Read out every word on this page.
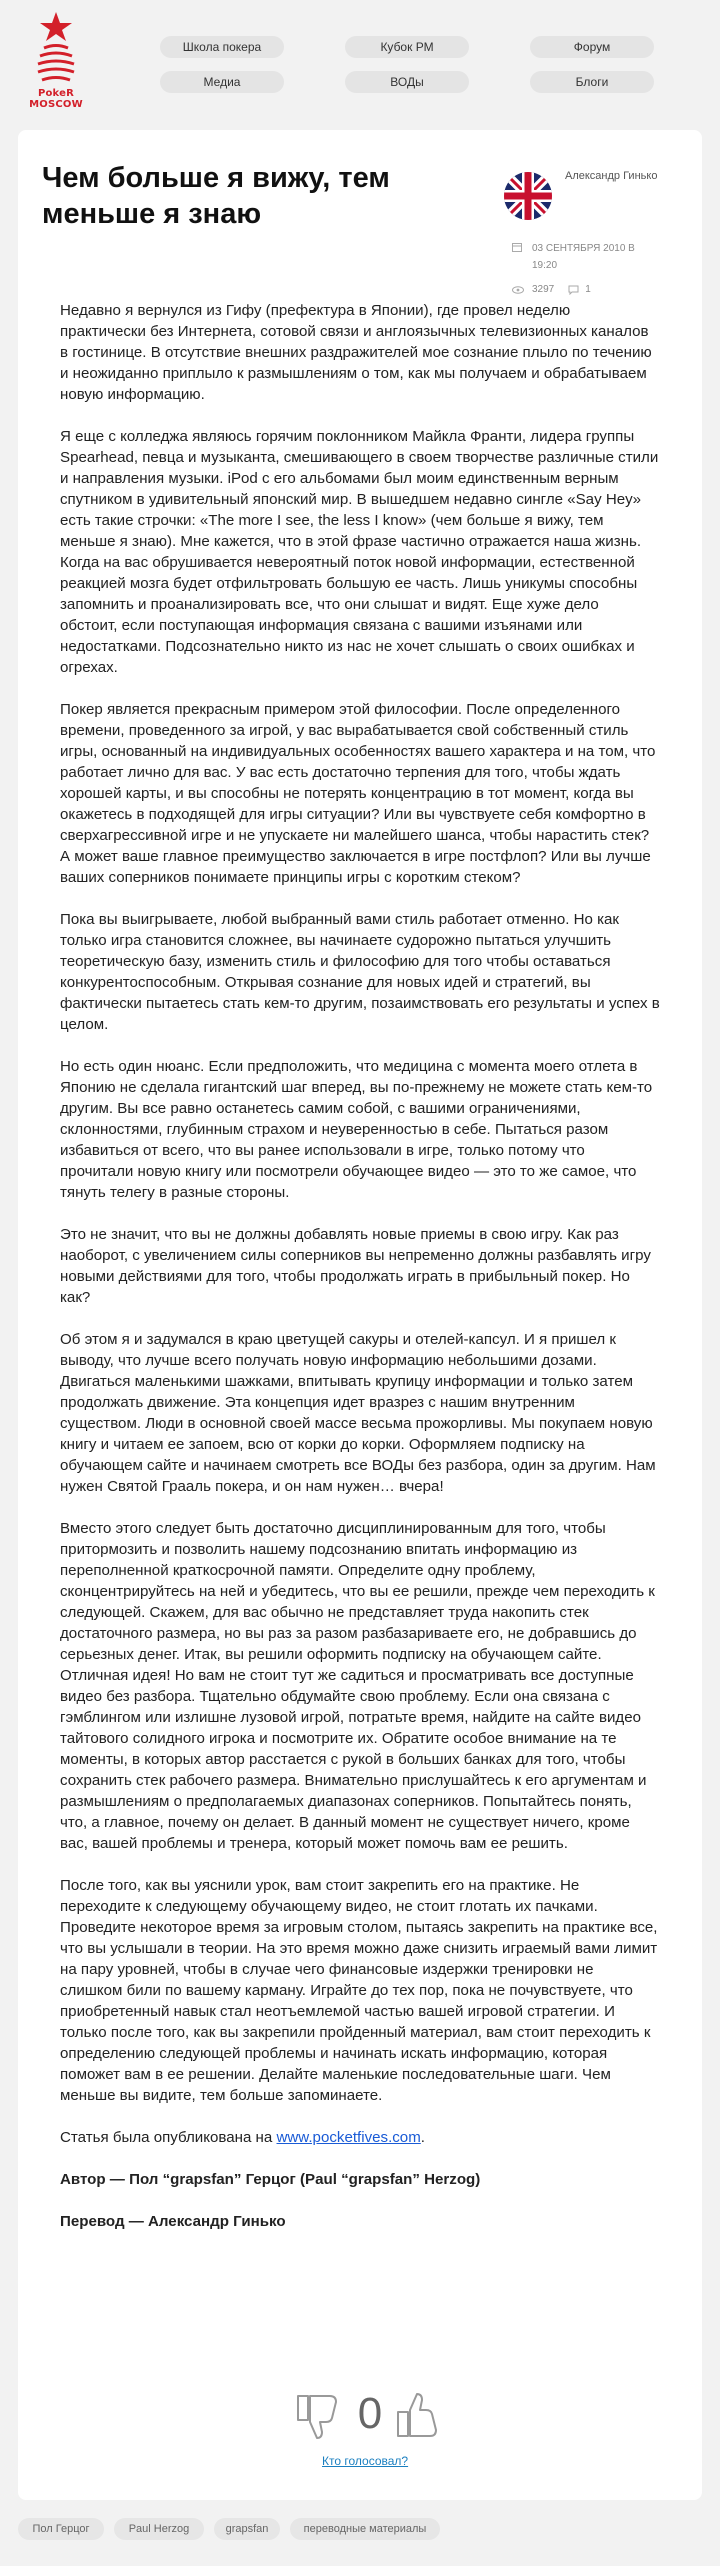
PokeR
MOSCOW
Школа покера	Кубок РМ	Форум
Медиа	ВОДы	Блоги
Чем больше я вижу, тем меньше я знаю
Александр Гинько
03 СЕНТЯБРЯ 2010 В 19:20
3297	1

Недавно я вернулся из Гифу (префектура в Японии), где провел неделю практически без Интернета, сотовой связи и англоязычных телевизионных каналов в гостинице. В отсутствие внешних раздражителей мое сознание плыло по течению и неожиданно приплыло к размышлениям о том, как мы получаем и обрабатываем новую информацию.

Я еще с колледжа являюсь горячим поклонником Майкла Франти, лидера группы Spearhead, певца и музыканта, смешивающего в своем творчестве различные стили и направления музыки. iPod с его альбомами был моим единственным верным спутником в удивительный японский мир. В вышедшем недавно сингле «Say Hey» есть такие строчки: «The more I see, the less I know» (чем больше я вижу, тем меньше я знаю). Мне кажется, что в этой фразе частично отражается наша жизнь. Когда на вас обрушивается невероятный поток новой информации, естественной реакцией мозга будет отфильтровать большую ее часть. Лишь уникумы способны запомнить и проанализировать все, что они слышат и видят. Еще хуже дело обстоит, если поступающая информация связана с вашими изъянами или недостатками. Подсознательно никто из нас не хочет слышать о своих ошибках и огрехах.

Покер является прекрасным примером этой философии. После определенного времени, проведенного за игрой, у вас вырабатывается свой собственный стиль игры, основанный на индивидуальных особенностях вашего характера и на том, что работает лично для вас. У вас есть достаточно терпения для того, чтобы ждать хорошей карты, и вы способны не потерять концентрацию в тот момент, когда вы окажетесь в подходящей для игры ситуации? Или вы чувствуете себя комфортно в сверхагрессивной игре и не упускаете ни малейшего шанса, чтобы нарастить стек? А может ваше главное преимущество заключается в игре постфлоп? Или вы лучше ваших соперников понимаете принципы игры с коротким стеком?

Пока вы выигрываете, любой выбранный вами стиль работает отменно. Но как только игра становится сложнее, вы начинаете судорожно пытаться улучшить теоретическую базу, изменить стиль и философию для того чтобы оставаться конкурентоспособным. Открывая сознание для новых идей и стратегий, вы фактически пытаетесь стать кем-то другим, позаимствовать его результаты и успех в целом.

Но есть один нюанс. Если предположить, что медицина с момента моего отлета в Японию не сделала гигантский шаг вперед, вы по-прежнему не можете стать кем-то другим. Вы все равно останетесь самим собой, с вашими ограничениями, склонностями, глубинным страхом и неуверенностью в себе. Пытаться разом избавиться от всего, что вы ранее использовали в игре, только потому что прочитали новую книгу или посмотрели обучающее видео — это то же самое, что тянуть телегу в разные стороны.

Это не значит, что вы не должны добавлять новые приемы в свою игру. Как раз наоборот, с увеличением силы соперников вы непременно должны разбавлять игру новыми действиями для того, чтобы продолжать играть в прибыльный покер. Но как?

Об этом я и задумался в краю цветущей сакуры и отелей-капсул. И я пришел к выводу, что лучше всего получать новую информацию небольшими дозами. Двигаться маленькими шажками, впитывать крупицу информации и только затем продолжать движение. Эта концепция идет вразрез с нашим внутренним существом. Люди в основной своей массе весьма прожорливы. Мы покупаем новую книгу и читаем ее запоем, всю от корки до корки. Оформляем подписку на обучающем сайте и начинаем смотреть все ВОДы без разбора, один за другим. Нам нужен Святой Грааль покера, и он нам нужен… вчера!

Вместо этого следует быть достаточно дисциплинированным для того, чтобы притормозить и позволить нашему подсознанию впитать информацию из переполненной краткосрочной памяти. Определите одну проблему, сконцентрируйтесь на ней и убедитесь, что вы ее решили, прежде чем переходить к следующей. Скажем, для вас обычно не представляет труда накопить стек достаточного размера, но вы раз за разом разбазариваете его, не добравшись до серьезных денег. Итак, вы решили оформить подписку на обучающем сайте. Отличная идея! Но вам не стоит тут же садиться и просматривать все доступные видео без разбора. Тщательно обдумайте свою проблему. Если она связана с гэмблингом или излишне лузовой игрой, потратьте время, найдите на сайте видео тайтового солидного игрока и посмотрите их. Обратите особое внимание на те моменты, в которых автор расстается с рукой в больших банках для того, чтобы сохранить стек рабочего размера. Внимательно прислушайтесь к его аргументам и размышлениям о предполагаемых диапазонах соперников. Попытайтесь понять, что, а главное, почему он делает. В данный момент не существует ничего, кроме вас, вашей проблемы и тренера, который может помочь вам ее решить.

После того, как вы уяснили урок, вам стоит закрепить его на практике. Не переходите к следующему обучающему видео, не стоит глотать их пачками. Проведите некоторое время за игровым столом, пытаясь закрепить на практике все, что вы услышали в теории. На это время можно даже снизить играемый вами лимит на пару уровней, чтобы в случае чего финансовые издержки тренировки не слишком били по вашему карману. Играйте до тех пор, пока не почувствуете, что приобретенный навык стал неотъемлемой частью вашей игровой стратегии. И только после того, как вы закрепили пройденный материал, вам стоит переходить к определению следующей проблемы и начинать искать информацию, которая поможет вам в ее решении. Делайте маленькие последовательные шаги. Чем меньше вы видите, тем больше запоминаете.

Статья была опубликована на www.pocketfives.com.

Автор — Пол “grapsfan” Герцог (Paul “grapsfan” Herzog)

Перевод — Александр Гинько

0
Кто голосовал?
Пол Герцог	Paul Herzog	grapsfan	переводные материалы
